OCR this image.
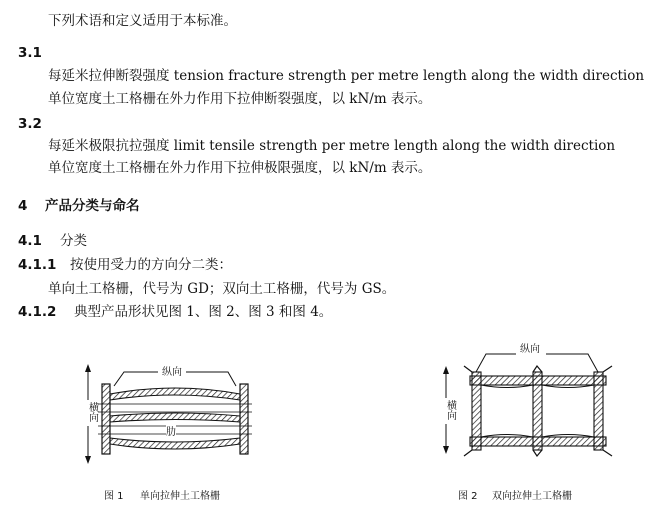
下列术语和定义适用于本标准。
3.1
每延米拉伸断裂强度 tension fracture strength per metre length along the width direction
单位宽度土工格栅在外力作用下拉伸断裂强度，以 kN/m 表示。
3.2
每延米极限抗拉强度 limit tensile strength per metre length along the width direction
单位宽度土工格栅在外力作用下拉伸极限强度，以 kN/m 表示。
4 产品分类与命名
4.1 分类
4.1.1 按使用受力的方向分二类：
单向土工格栅，代号为 GD；双向土工格栅，代号为 GS。
4.1.2 典型产品形状见图 1、图 2、图 3 和图 4。
纵向
横向
肋
图 1 单向拉伸土工格栅
纵向
横向
图 2 双向拉伸土工格栅
